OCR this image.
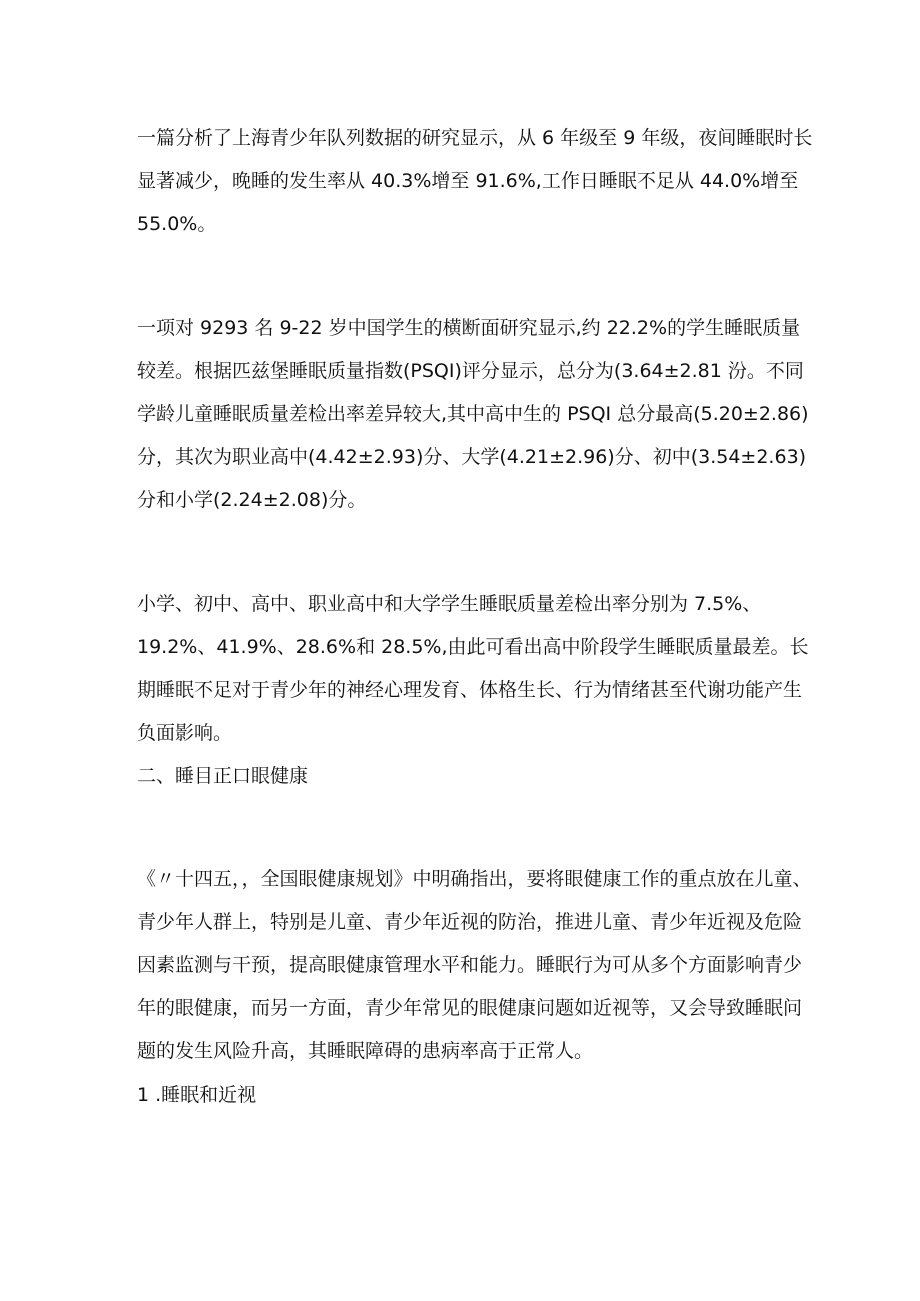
一篇分析了上海青少年队列数据的研究显示，从 6 年级至 9 年级，夜间睡眠时长
显著减少，晚睡的发生率从 40.3%增至 91.6%,工作日睡眠不足从 44.0%增至
55.0%。
一项对 9293 名 9-22 岁中国学生的横断面研究显示,约 22.2%的学生睡眠质量
较差。根据匹兹堡睡眠质量指数(PSQI)评分显示，总分为(3.64±2.81 汾。不同
学龄儿童睡眠质量差检出率差异较大,其中高中生的 PSQI 总分最高(5.20±2.86)
分，其次为职业高中(4.42±2.93)分、大学(4.21±2.96)分、初中(3.54±2.63)
分和小学(2.24±2.08)分。
小学、初中、高中、职业高中和大学学生睡眠质量差检出率分别为 7.5%、
19.2%、41.9%、28.6%和 28.5%,由此可看出高中阶段学生睡眠质量最差。长
期睡眠不足对于青少年的神经心理发育、体格生长、行为情绪甚至代谢功能产生
负面影响。
二、睡目正口眼健康
《〃十四五，，全国眼健康规划》中明确指出，要将眼健康工作的重点放在儿童、
青少年人群上，特别是儿童、青少年近视的防治，推进儿童、青少年近视及危险
因素监测与干预，提高眼健康管理水平和能力。睡眠行为可从多个方面影响青少
年的眼健康，而另一方面，青少年常见的眼健康问题如近视等，又会导致睡眠问
题的发生风险升高，其睡眠障碍的患病率高于正常人。
1 .睡眠和近视
